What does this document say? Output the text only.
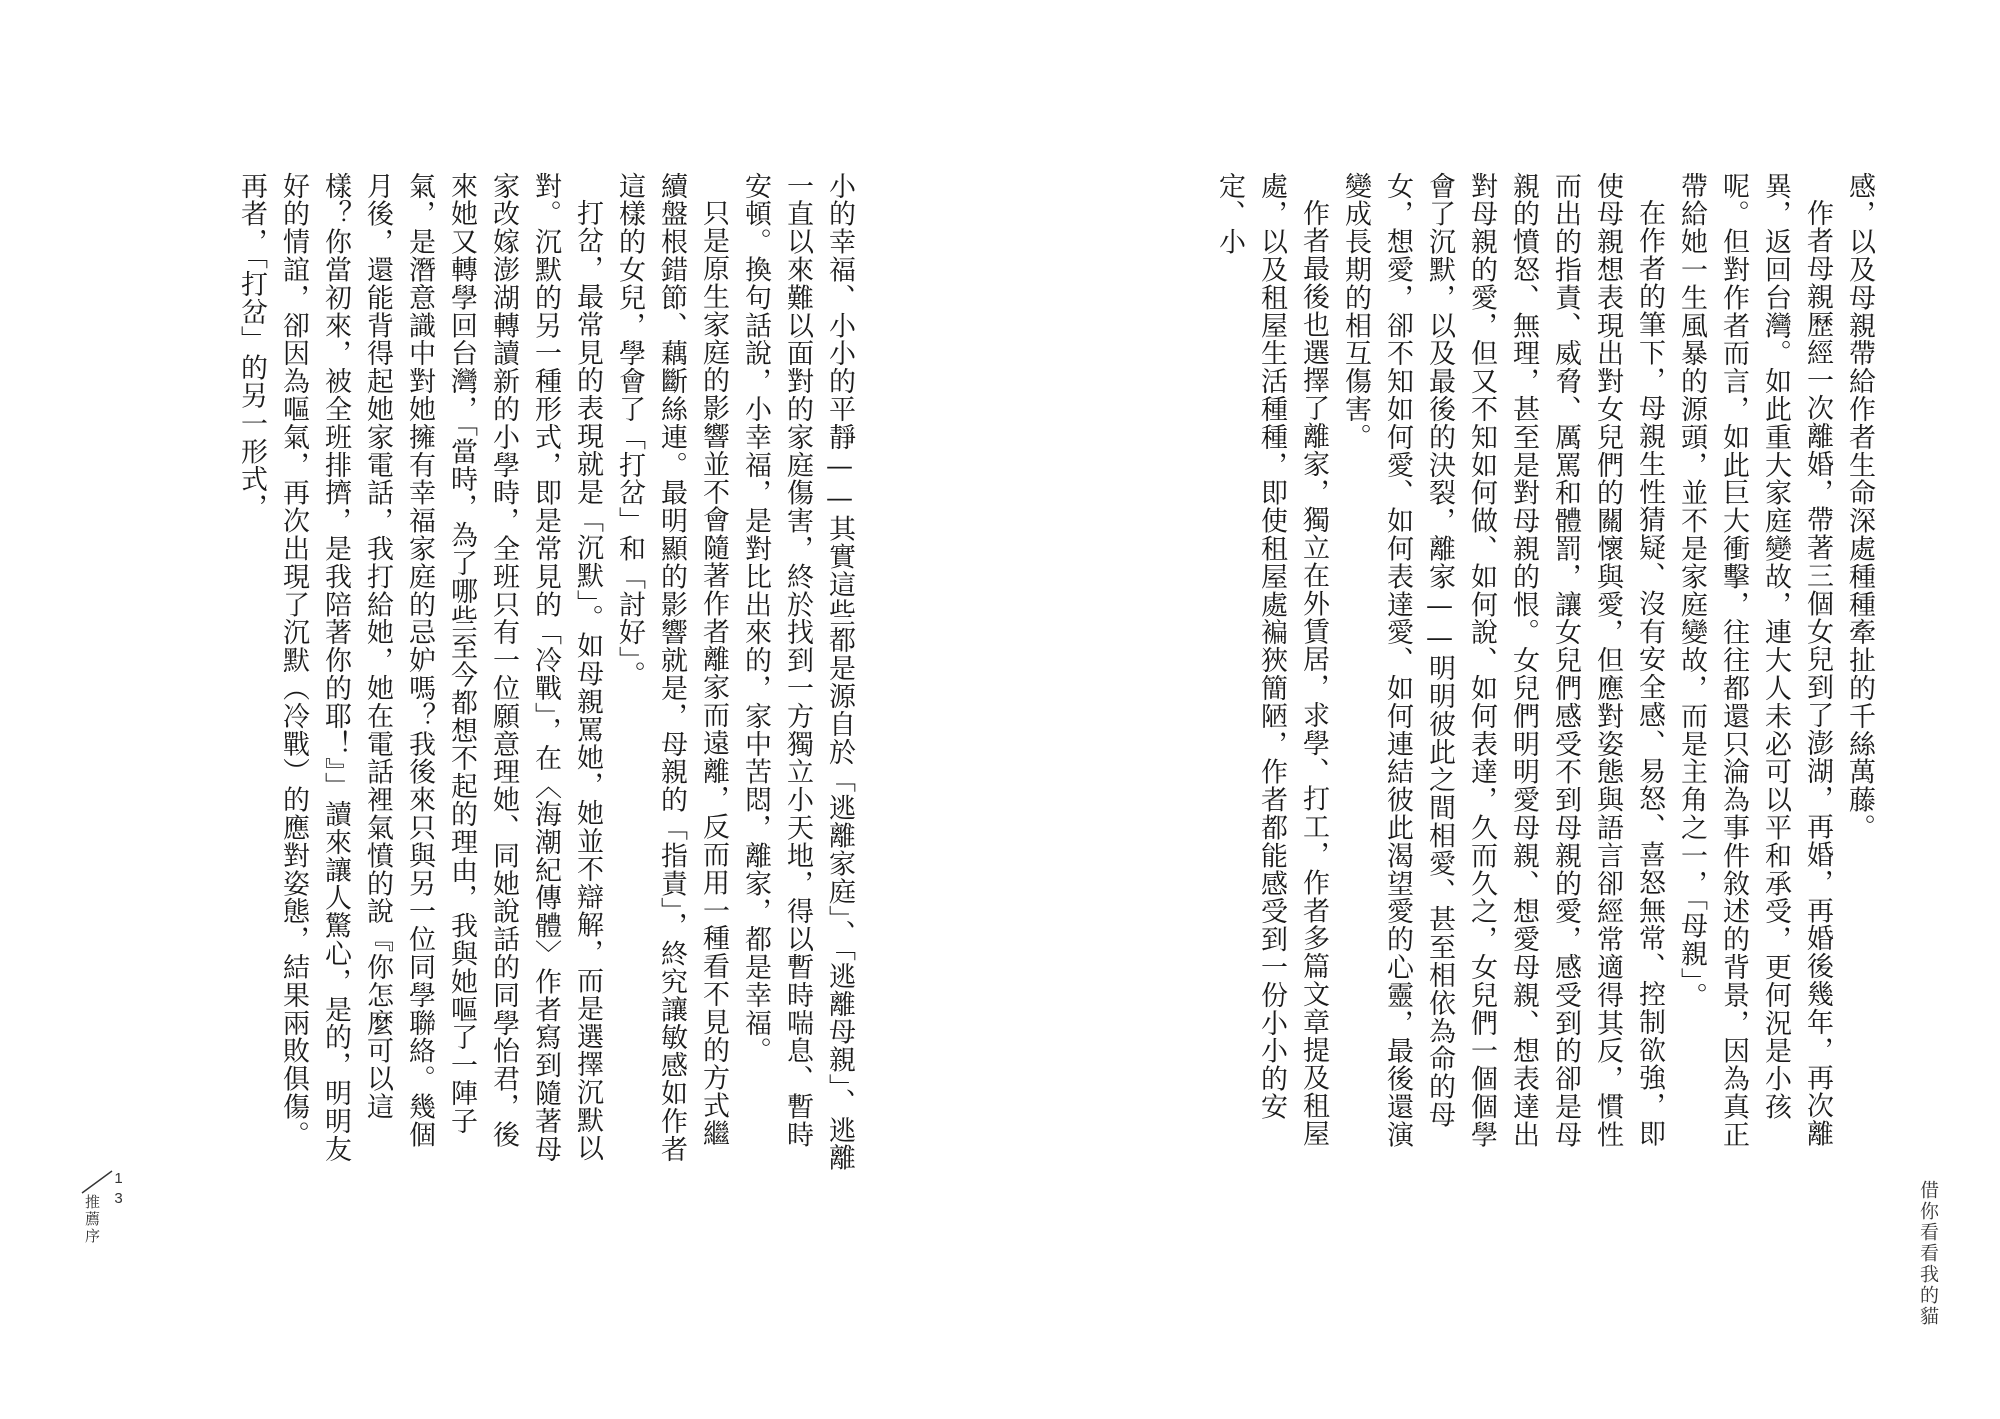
感，以及母親帶給作者生命深處種種牽扯的千絲萬藤。

作者母親歷經一次離婚，帶著三個女兒到了澎湖，再婚，再婚後幾年，再次離異，返回台灣。如此重大家庭變故，連大人未必可以平和承受，更何況是小孩呢。但對作者而言，如此巨大衝擊，往往都還只淪為事件敘述的背景，因為真正帶給她一生風暴的源頭，並不是家庭變故，而是主角之一，「母親」。

在作者的筆下，母親生性猜疑、沒有安全感、易怒、喜怒無常、控制欲強，即使母親想表現出對女兒們的關懷與愛，但應對姿態與語言卻經常適得其反，慣性而出的指責、威脅、厲罵和體罰，讓女兒們感受不到母親的愛，感受到的卻是母親的憤怒、無理，甚至是對母親的恨。女兒們明明愛母親、想愛母親、想表達出對母親的愛，但又不知如何做、如何說、如何表達，久而久之，女兒們一個個學會了沉默，以及最後的決裂，離家——明明彼此之間相愛、甚至相依為命的母女，想愛，卻不知如何愛、如何表達愛、如何連結彼此渴望愛的心靈，最後還演變成長期的相互傷害。

作者最後也選擇了離家，獨立在外賃居，求學、打工，作者多篇文章提及租屋處，以及租屋生活種種，即使租屋處褊狹簡陋，作者都能感受到一份小小的安定、小

借你看看我的貓

小的幸福、小小的平靜——其實這些都是源自於「逃離家庭」、「逃離母親」、逃離一直以來難以面對的家庭傷害，終於找到一方獨立小天地，得以暫時喘息、暫時安頓。換句話說，小幸福，是對比出來的，家中苦悶，離家，都是幸福。

只是原生家庭的影響並不會隨著作者離家而遠離，反而用一種看不見的方式繼續盤根錯節、藕斷絲連。最明顯的影響就是，母親的「指責」，終究讓敏感如作者這樣的女兒，學會了「打岔」和「討好」。

打岔，最常見的表現就是「沉默」。如母親罵她，她並不辯解，而是選擇沉默以對。沉默的另一種形式，即是常見的「冷戰」，在〈海潮紀傳體〉作者寫到隨著母家改嫁澎湖轉讀新的小學時，全班只有一位願意理她、同她說話的同學怡君，後來她又轉學回台灣，「當時，為了哪些至今都想不起的理由，我與她嘔了一陣子氣，是潛意識中對她擁有幸福家庭的忌妒嗎？我後來只與另一位同學聯絡。幾個月後，還能背得起她家電話，我打給她，她在電話裡氣憤的說『你怎麼可以這樣？你當初來，被全班排擠，是我陪著你的耶！』」讀來讓人驚心，是的，明明友好的情誼，卻因為嘔氣，再次出現了沉默（冷戰）的應對姿態，結果兩敗俱傷。再者，「打岔」的另一形式，

13
推薦序
